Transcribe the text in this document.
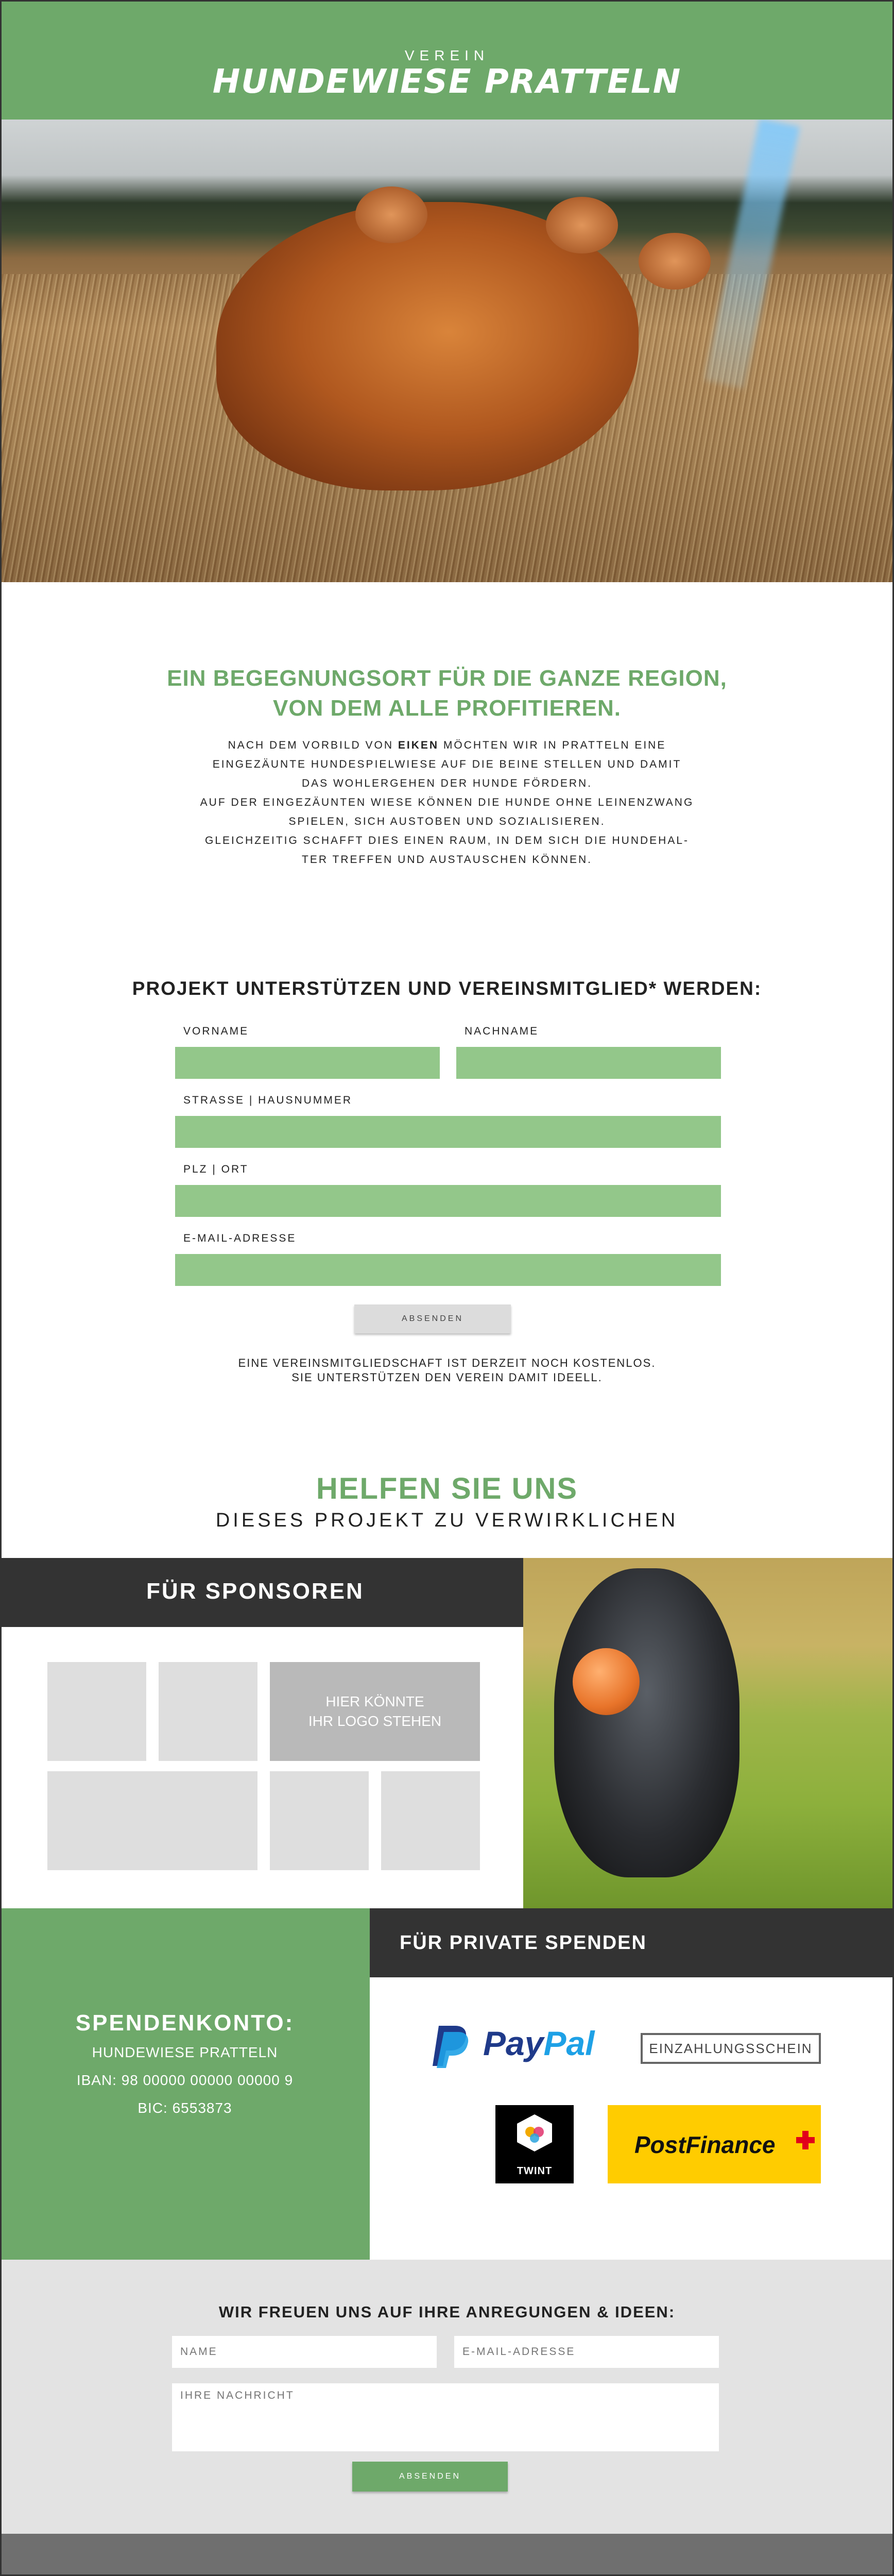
VEREIN
HUNDEWIESE PRATTELN
EIN BEGEGNUNGSORT FÜR DIE GANZE REGION,
VON DEM ALLE PROFITIEREN.
NACH DEM VORBILD VON EIKEN MÖCHTEN WIR IN PRATTELN EINE
EINGEZÄUNTE HUNDESPIELWIESE AUF DIE BEINE STELLEN UND DAMIT
DAS WOHLERGEHEN DER HUNDE FÖRDERN.
AUF DER EINGEZÄUNTEN WIESE KÖNNEN DIE HUNDE OHNE LEINENZWANG
SPIELEN, SICH AUSTOBEN UND SOZIALISIEREN.
GLEICHZEITIG SCHAFFT DIES EINEN RAUM, IN DEM SICH DIE HUNDEHAL-
TER TREFFEN UND AUSTAUSCHEN KÖNNEN.
PROJEKT UNTERSTÜTZEN UND VEREINSMITGLIED* WERDEN:
VORNAME	NACHNAME
STRASSE | HAUSNUMMER
PLZ | ORT
E-MAIL-ADRESSE
ABSENDEN
EINE VEREINSMITGLIEDSCHAFT IST DERZEIT NOCH KOSTENLOS.
SIE UNTERSTÜTZEN DEN VEREIN DAMIT IDEELL.
HELFEN SIE UNS
DIESES PROJEKT ZU VERWIRKLICHEN
FÜR SPONSOREN
HIER KÖNNTE
IHR LOGO STEHEN
SPENDENKONTO:
HUNDEWIESE PRATTELN
IBAN: 98 00000 00000 00000 9
BIC: 6553873
FÜR PRIVATE SPENDEN
PayPal	EINZAHLUNGSSCHEIN
TWINT
PostFinance
WIR FREUEN UNS AUF IHRE ANREGUNGEN & IDEEN:
NAME
E-MAIL-ADRESSE
IHRE NACHRICHT
ABSENDEN
